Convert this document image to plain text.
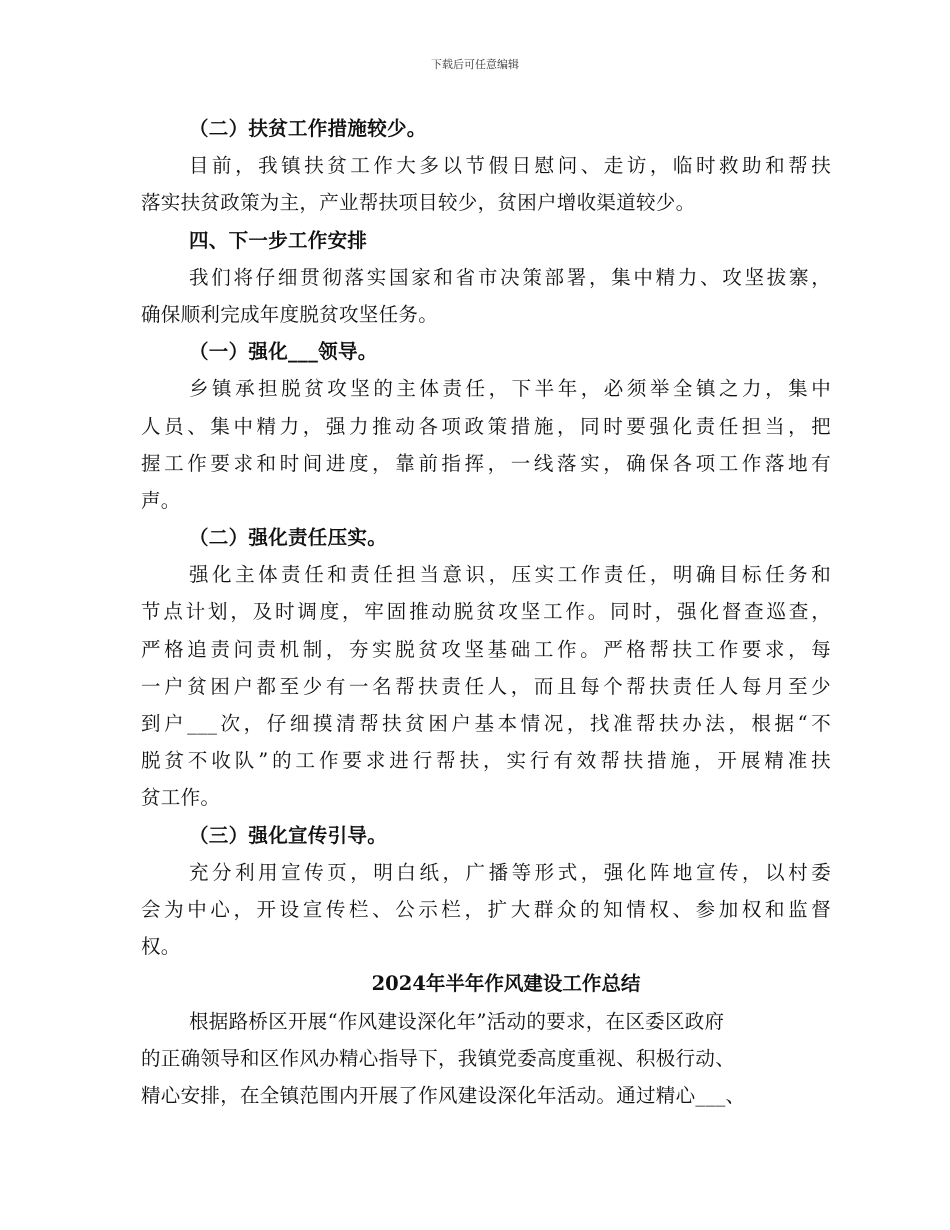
下载后可任意编辑
（二）扶贫工作措施较少。
目前，我镇扶贫工作大多以节假日慰问、走访，临时救助和帮扶
落实扶贫政策为主，产业帮扶项目较少，贫困户增收渠道较少。
四、下一步工作安排
我们将仔细贯彻落实国家和省市决策部署，集中精力、攻坚拔寨，
确保顺利完成年度脱贫攻坚任务。
（一）强化___领导。
乡镇承担脱贫攻坚的主体责任，下半年，必须举全镇之力，集中
人员、集中精力，强力推动各项政策措施，同时要强化责任担当，把
握工作要求和时间进度，靠前指挥，一线落实，确保各项工作落地有
声。
（二）强化责任压实。
强化主体责任和责任担当意识，压实工作责任，明确目标任务和
节点计划，及时调度，牢固推动脱贫攻坚工作。同时，强化督查巡查，
严格追责问责机制，夯实脱贫攻坚基础工作。严格帮扶工作要求，每
一户贫困户都至少有一名帮扶责任人，而且每个帮扶责任人每月至少
到户___次，仔细摸清帮扶贫困户基本情况，找准帮扶办法，根据“不
脱贫不收队”的工作要求进行帮扶，实行有效帮扶措施，开展精准扶
贫工作。
（三）强化宣传引导。
充分利用宣传页，明白纸，广播等形式，强化阵地宣传，以村委
会为中心，开设宣传栏、公示栏，扩大群众的知情权、参加权和监督
权。
2024年半年作风建设工作总结
根据路桥区开展“作风建设深化年”活动的要求，在区委区政府
的正确领导和区作风办精心指导下，我镇党委高度重视、积极行动、
精心安排，在全镇范围内开展了作风建设深化年活动。通过精心___、
